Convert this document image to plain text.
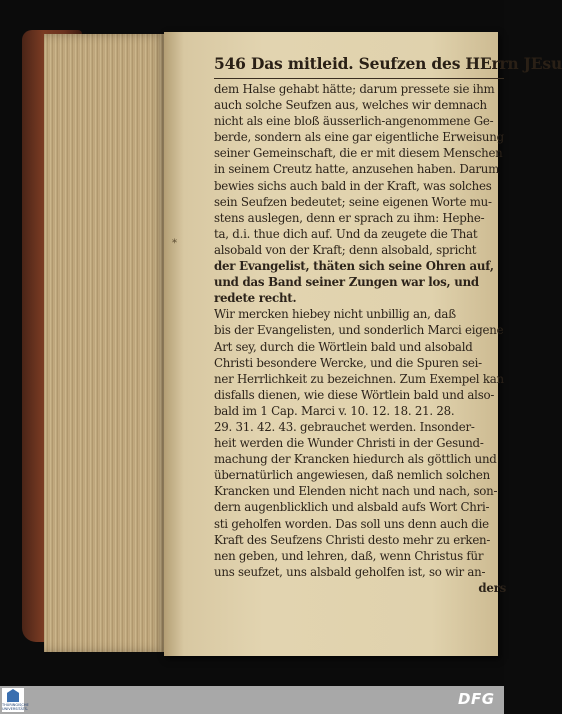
*
546 Das mitleid. Seufzen des HErrn JEsu
dem Halse gehabt hätte; darum pressete sie ihm
auch solche Seufzen aus, welches wir demnach
nicht als eine bloß äusserlich-angenommene Ge-
berde, sondern als eine gar eigentliche Erweisung
seiner Gemeinschaft, die er mit diesem Menschen
in seinem Creutz hatte, anzusehen haben. Darum
bewies sichs auch bald in der Kraft, was solches
sein Seufzen bedeutet; seine eigenen Worte mu-
stens auslegen, denn er sprach zu ihm: Hephe-
ta, d.i. thue dich auf. Und da zeugete die That
alsobald von der Kraft; denn alsobald, spricht
der Evangelist, thäten sich seine Ohren auf,
und das Band seiner Zungen war los, und
redete recht.
Wir mercken hiebey nicht unbillig an, daß
bis der Evangelisten, und sonderlich Marci eigene
Art sey, durch die Wörtlein bald und alsobald
Christi besondere Wercke, und die Spuren sei-
ner Herrlichkeit zu bezeichnen. Zum Exempel kan
disfalls dienen, wie diese Wörtlein bald und also-
bald im 1 Cap. Marci v. 10. 12. 18. 21. 28.
29. 31. 42. 43. gebrauchet werden. Insonder-
heit werden die Wunder Christi in der Gesund-
machung der Krancken hiedurch als göttlich und
übernatürlich angewiesen, daß nemlich solchen
Krancken und Elenden nicht nach und nach, son-
dern augenblicklich und alsbald aufs Wort Chri-
sti geholfen worden. Das soll uns denn auch die
Kraft des Seufzens Christi desto mehr zu erken-
nen geben, und lehren, daß, wenn Christus für
uns seufzet, uns alsbald geholfen ist, so wir an-
ders
THÜRINGISCHE UNIVERSITÄTS-
DFG
